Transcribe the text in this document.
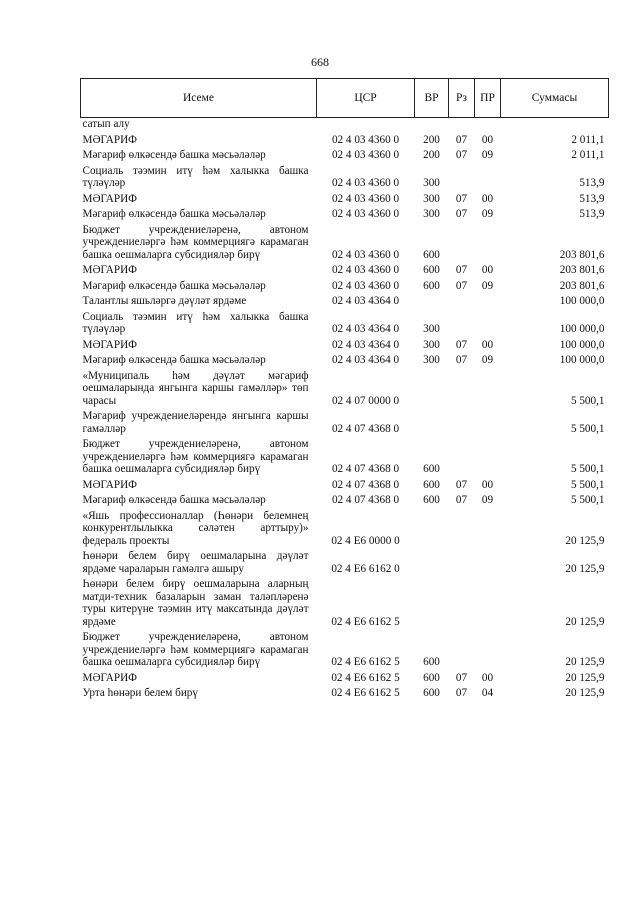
668
Исеме	ЦСР	ВР	Рз	ПР	Суммасы
сатып алу					
МӘГАРИФ	02 4 03 4360 0	200	07	00	2 011,1
Мәгариф өлкәсендә башка мәсьәләләр	02 4 03 4360 0	200	07	09	2 011,1
Социаль тәэмин итү һәм халыкка башка түләүләр	02 4 03 4360 0	300			513,9
МӘГАРИФ	02 4 03 4360 0	300	07	00	513,9
Мәгариф өлкәсендә башка мәсьәләләр	02 4 03 4360 0	300	07	09	513,9
Бюджет учреждениеләренә, автоном учреждениеләргә һәм коммерциягә карамаган башка оешмаларга субсидияләр бирү	02 4 03 4360 0	600			203 801,6
МӘГАРИФ	02 4 03 4360 0	600	07	00	203 801,6
Мәгариф өлкәсендә башка мәсьәләләр	02 4 03 4360 0	600	07	09	203 801,6
Талантлы яшьләргә дәүләт ярдәме	02 4 03 4364 0				100 000,0
Социаль тәэмин итү һәм халыкка башка түләүләр	02 4 03 4364 0	300			100 000,0
МӘГАРИФ	02 4 03 4364 0	300	07	00	100 000,0
Мәгариф өлкәсендә башка мәсьәләләр	02 4 03 4364 0	300	07	09	100 000,0
«Муниципаль һәм дәүләт мәгариф оешмаларында янгынга каршы гамәлләр» төп чарасы	02 4 07 0000 0				5 500,1
Мәгариф учреждениеләрендә янгынга каршы гамәлләр	02 4 07 4368 0				5 500,1
Бюджет учреждениеләренә, автоном учреждениеләргә һәм коммерциягә карамаган башка оешмаларга субсидияләр бирү	02 4 07 4368 0	600			5 500,1
МӘГАРИФ	02 4 07 4368 0	600	07	00	5 500,1
Мәгариф өлкәсендә башка мәсьәләләр	02 4 07 4368 0	600	07	09	5 500,1
«Яшь профессионаллар (Һөнәри белемнең конкурентлылыкка сәләтен арттыру)» федераль проекты	02 4 E6 0000 0				20 125,9
Һөнәри белем бирү оешмаларына дәүләт ярдәме чараларын гамәлгә ашыру	02 4 E6 6162 0				20 125,9
Һөнәри белем бирү оешмаларына аларның матди-техник базаларын заман таләпләренә туры китерүне тәэмин итү максатында дәүләт ярдәме	02 4 E6 6162 5				20 125,9
Бюджет учреждениеләренә, автоном учреждениеләргә һәм коммерциягә карамаган башка оешмаларга субсидияләр бирү	02 4 E6 6162 5	600			20 125,9
МӘГАРИФ	02 4 E6 6162 5	600	07	00	20 125,9
Урта һөнәри белем бирү	02 4 E6 6162 5	600	07	04	20 125,9
